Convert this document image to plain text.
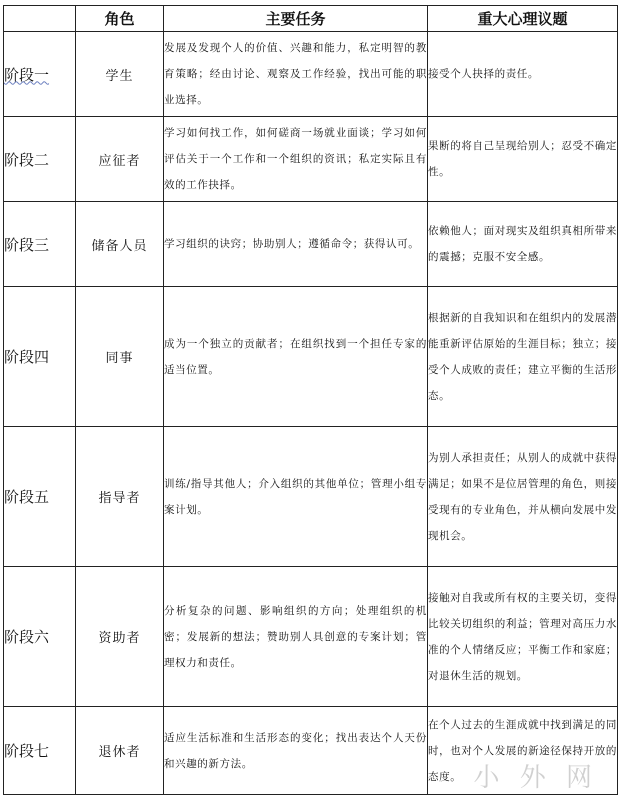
	角色	主要任务	重大心理议题
阶段一	学生	发展及发现个人的价值、兴趣和能力，私定明智的教育策略；经由讨论、观察及工作经验，找出可能的职业选择。	接受个人抉择的责任。
阶段二	应征者	学习如何找工作，如何磋商一场就业面谈；学习如何评估关于一个工作和一个组织的资讯；私定实际且有效的工作抉择。	果断的将自己呈现给别人；忍受不确定性。
阶段三	储备人员	学习组织的诀窍；协助别人；遵循命令；获得认可。	依赖他人；面对现实及组织真相所带来的震撼；克服不安全感。
阶段四	同事	成为一个独立的贡献者；在组织找到一个担任专家的适当位置。	根据新的自我知识和在组织内的发展潜能重新评估原始的生涯目标；独立；接受个人成败的责任；建立平衡的生活形态。
阶段五	指导者	训练/指导其他人；介入组织的其他单位；管理小组专案计划。	为别人承担责任；从别人的成就中获得满足；如果不是位居管理的角色，则接受现有的专业角色，并从横向发展中发现机会。
阶段六	资助者	分析复杂的问题、影响组织的方向；处理组织的机密；发展新的想法；赞助别人具创意的专案计划；管理权力和责任。	接触对自我或所有权的主要关切，变得比较关切组织的利益；管理对高压力水准的个人情绪反应；平衡工作和家庭；对退休生活的规划。
阶段七	退休者	适应生活标准和生活形态的变化；找出表达个人天份和兴趣的新方法。	在个人过去的生涯成就中找到满足的同时，也对个人发展的新途径保持开放的态度。 小 外 网
